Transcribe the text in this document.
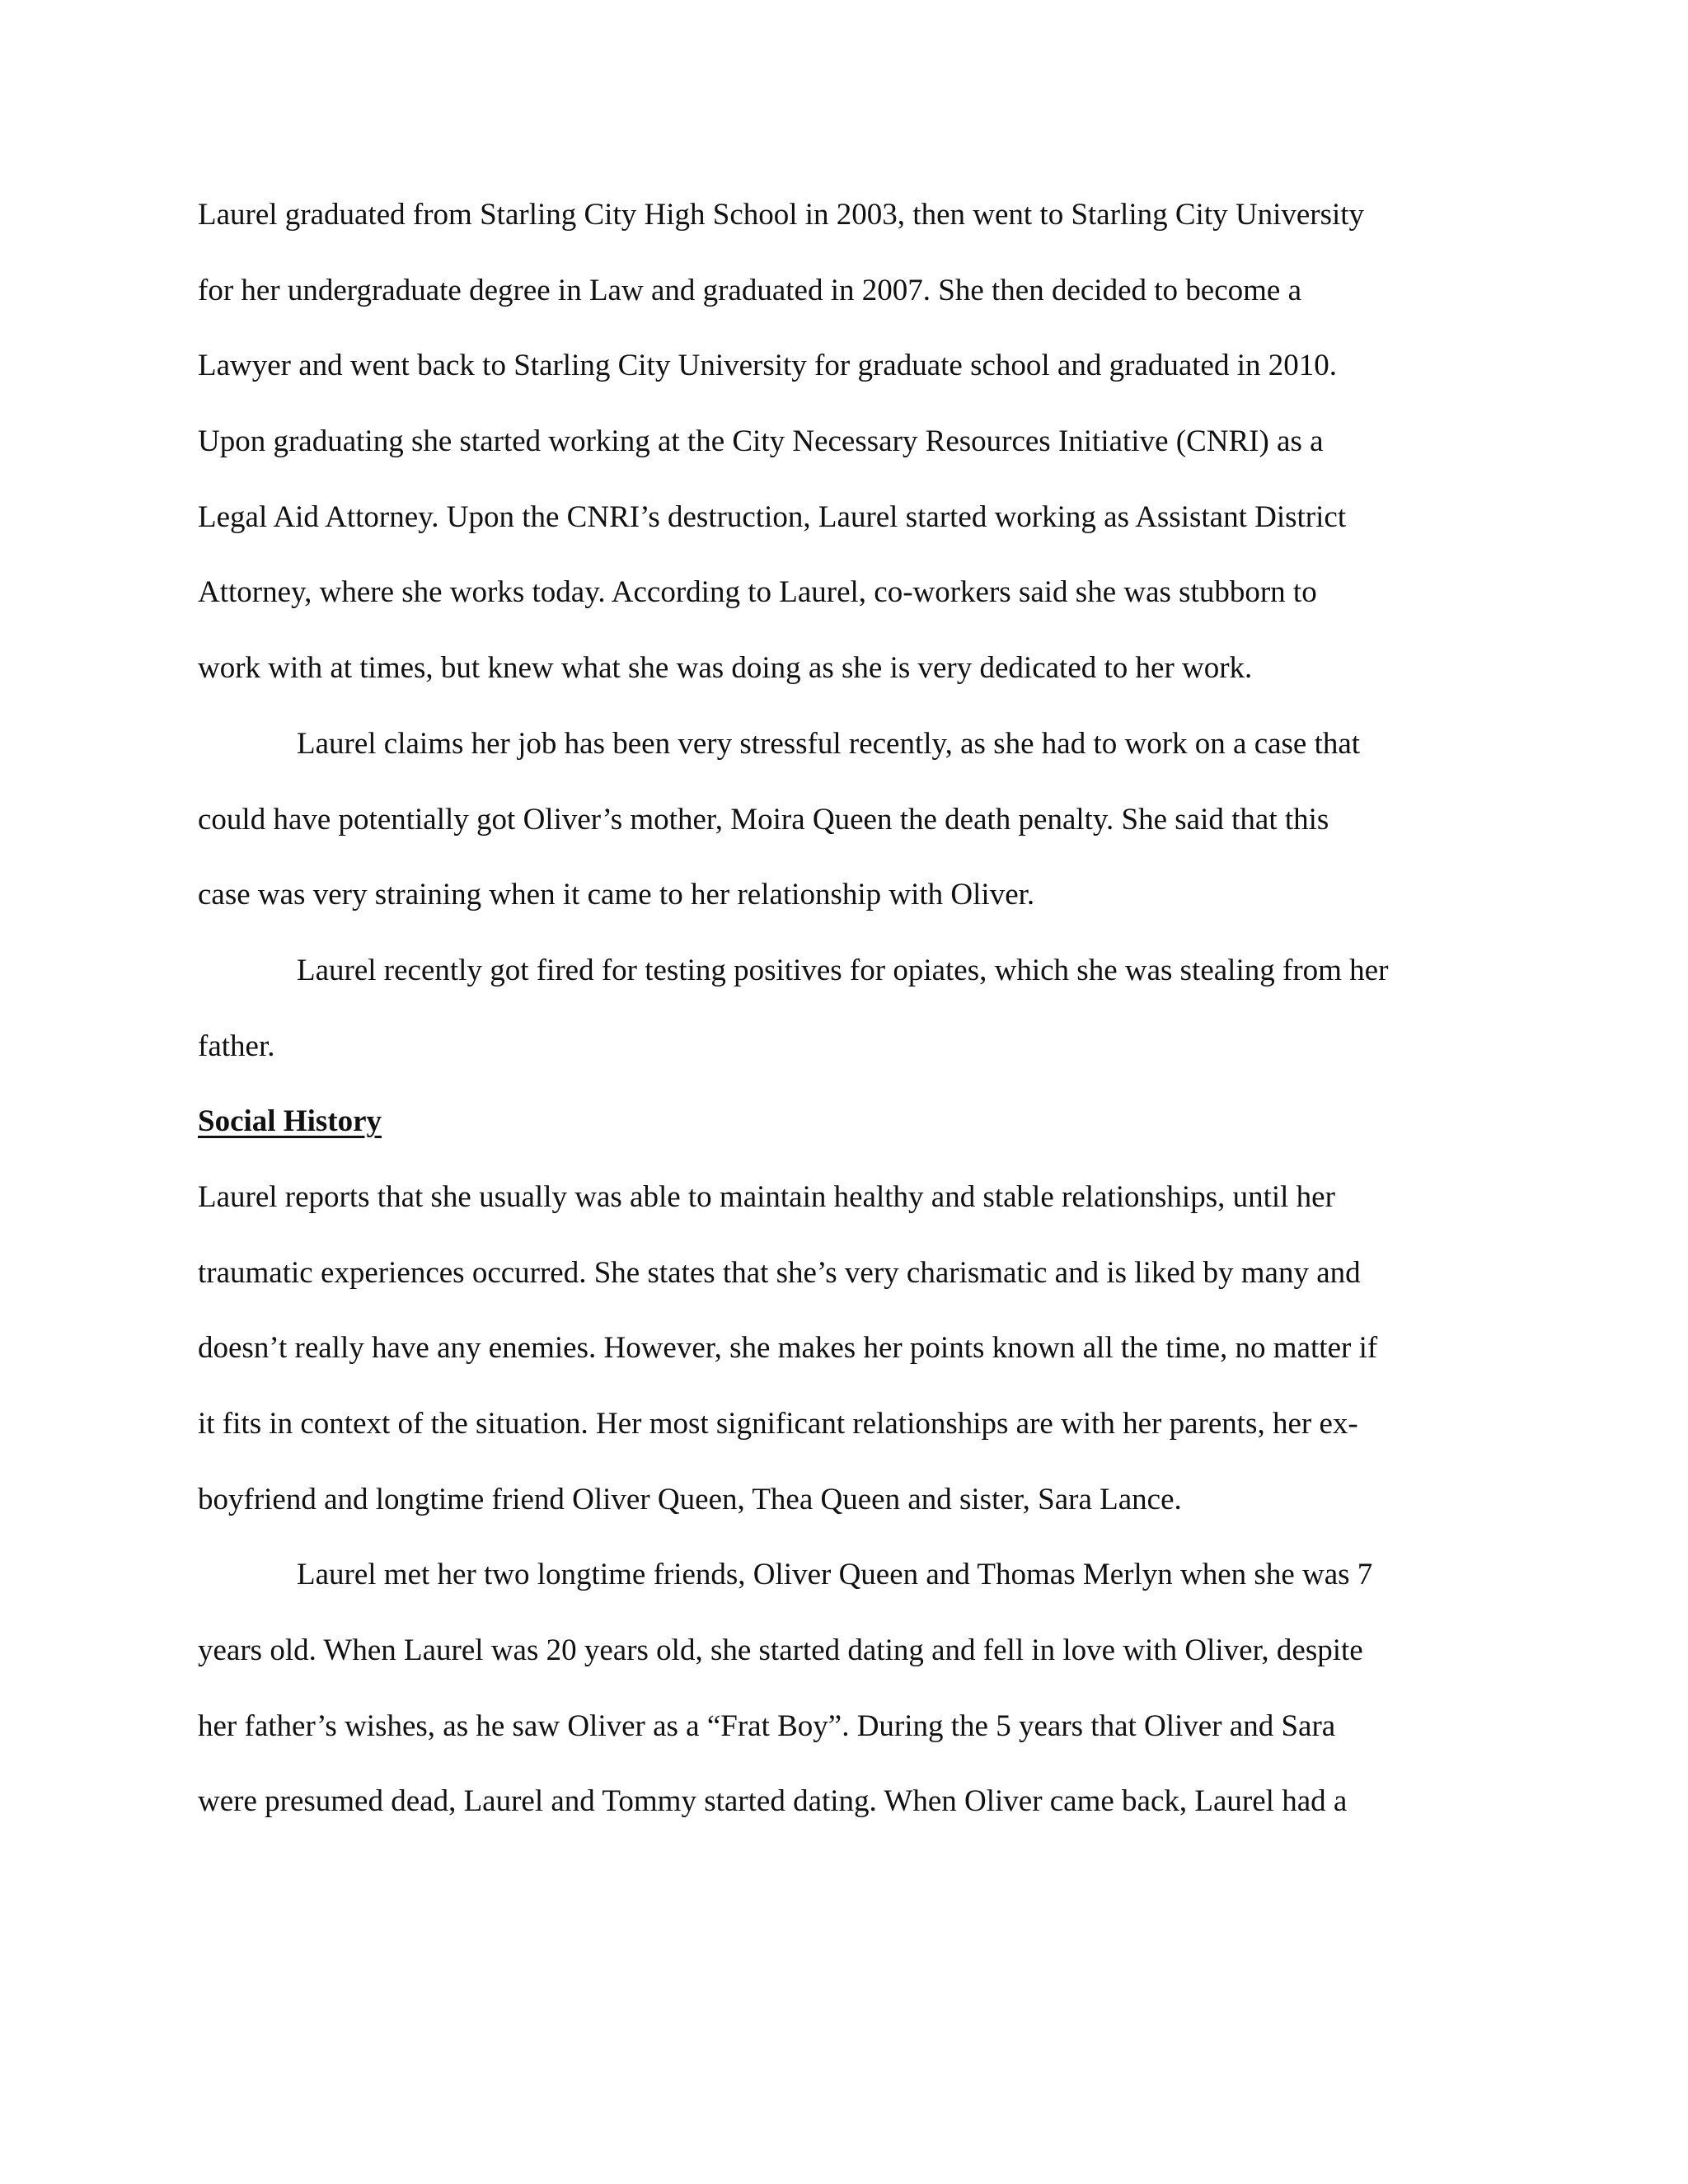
Laurel graduated from Starling City High School in 2003, then went to Starling City University
for her undergraduate degree in Law and graduated in 2007. She then decided to become a
Lawyer and went back to Starling City University for graduate school and graduated in 2010.
Upon graduating she started working at the City Necessary Resources Initiative (CNRI) as a
Legal Aid Attorney. Upon the CNRI’s destruction, Laurel started working as Assistant District
Attorney, where she works today. According to Laurel, co-workers said she was stubborn to
work with at times, but knew what she was doing as she is very dedicated to her work.
Laurel claims her job has been very stressful recently, as she had to work on a case that
could have potentially got Oliver’s mother, Moira Queen the death penalty. She said that this
case was very straining when it came to her relationship with Oliver.
Laurel recently got fired for testing positives for opiates, which she was stealing from her
father.
Social History
Laurel reports that she usually was able to maintain healthy and stable relationships, until her
traumatic experiences occurred. She states that she’s very charismatic and is liked by many and
doesn’t really have any enemies. However, she makes her points known all the time, no matter if
it fits in context of the situation. Her most significant relationships are with her parents, her ex-
boyfriend and longtime friend Oliver Queen, Thea Queen and sister, Sara Lance.
Laurel met her two longtime friends, Oliver Queen and Thomas Merlyn when she was 7
years old. When Laurel was 20 years old, she started dating and fell in love with Oliver, despite
her father’s wishes, as he saw Oliver as a “Frat Boy”. During the 5 years that Oliver and Sara
were presumed dead, Laurel and Tommy started dating. When Oliver came back, Laurel had a
